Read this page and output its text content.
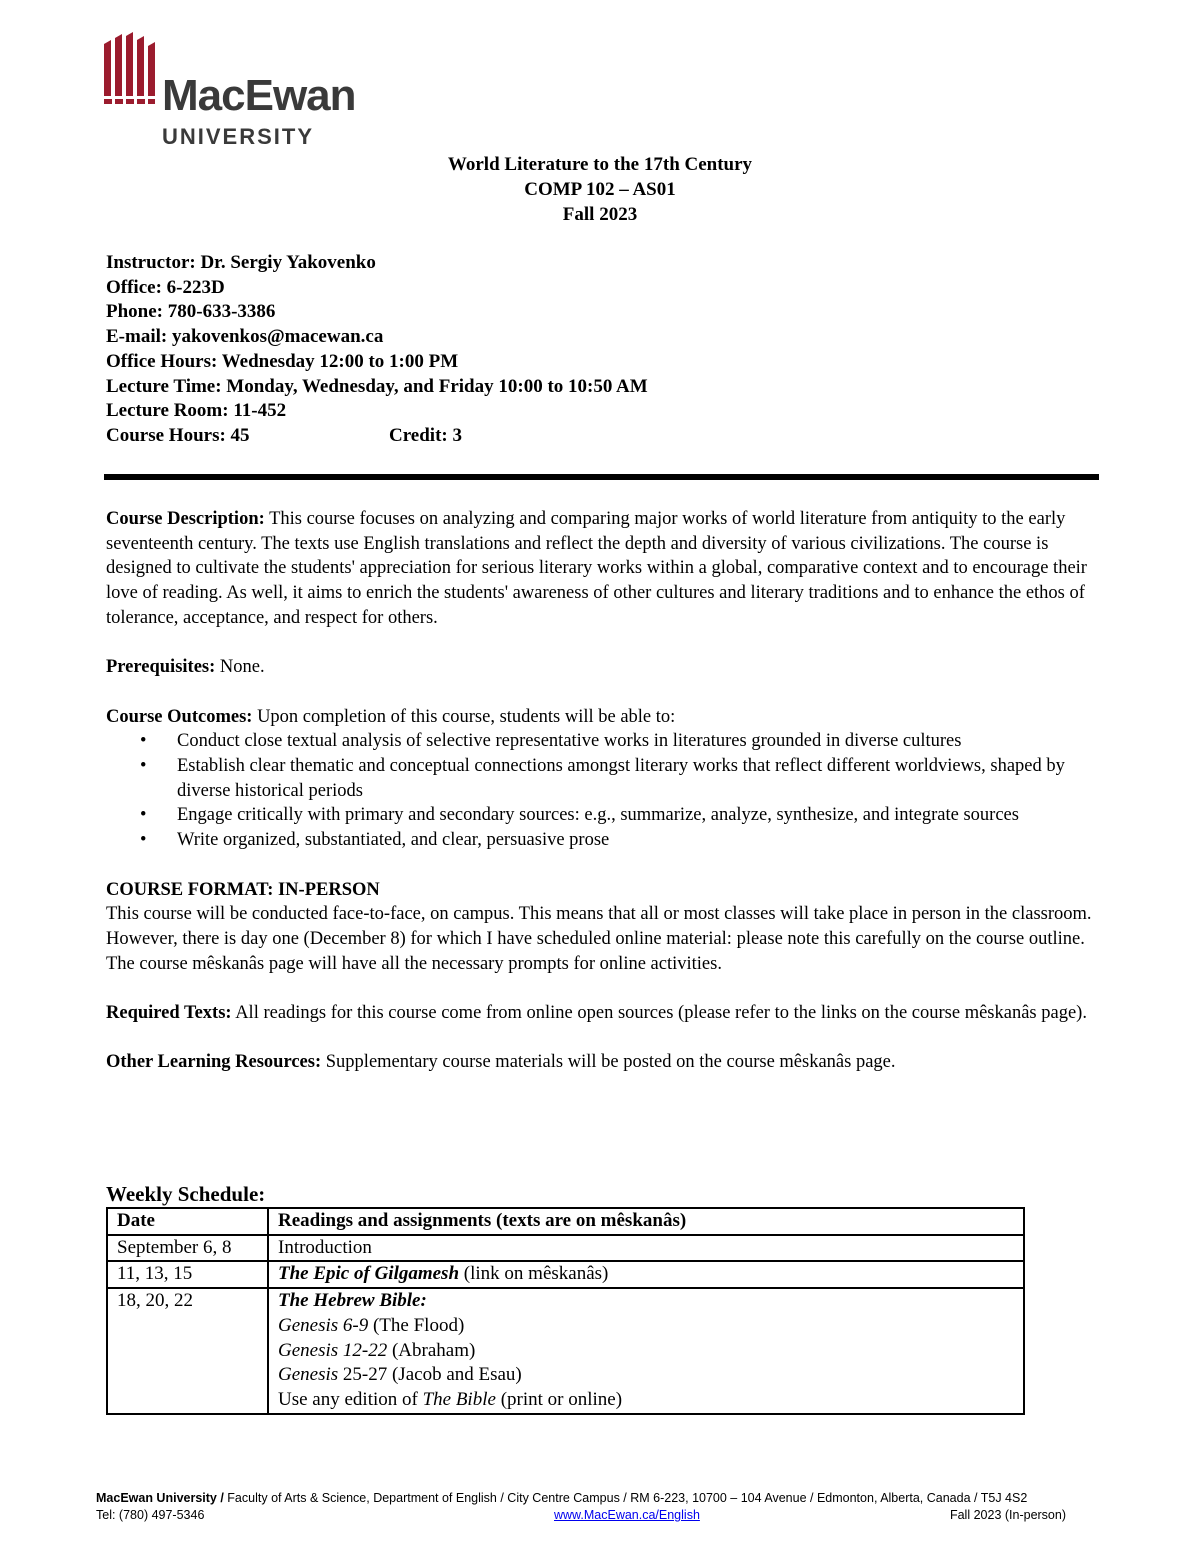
MacEwan
UNIVERSITY
World Literature to the 17th Century
COMP 102 – AS01
Fall 2023
Instructor: Dr. Sergiy Yakovenko
Office: 6-223D
Phone: 780-633-3386
E-mail: yakovenkos@macewan.ca
Office Hours: Wednesday 12:00 to 1:00 PM
Lecture Time: Monday, Wednesday, and Friday 10:00 to 10:50 AM
Lecture Room: 11-452
Course Hours: 45	Credit: 3

Course Description: This course focuses on analyzing and comparing major works of world literature from antiquity to the early seventeenth century. The texts use English translations and reflect the depth and diversity of various civilizations. The course is designed to cultivate the students' appreciation for serious literary works within a global, comparative context and to encourage their love of reading. As well, it aims to enrich the students' awareness of other cultures and literary traditions and to enhance the ethos of tolerance, acceptance, and respect for others.

Prerequisites: None.

Course Outcomes: Upon completion of this course, students will be able to:
• Conduct close textual analysis of selective representative works in literatures grounded in diverse cultures
• Establish clear thematic and conceptual connections amongst literary works that reflect different worldviews, shaped by diverse historical periods
• Engage critically with primary and secondary sources: e.g., summarize, analyze, synthesize, and integrate sources
• Write organized, substantiated, and clear, persuasive prose
COURSE FORMAT: IN-PERSON
This course will be conducted face-to-face, on campus. This means that all or most classes will take place in person in the classroom. However, there is day one (December 8) for which I have scheduled online material: please note this carefully on the course outline. The course mêskanâs page will have all the necessary prompts for online activities.

Required Texts: All readings for this course come from online open sources (please refer to the links on the course mêskanâs page).

Other Learning Resources: Supplementary course materials will be posted on the course mêskanâs page.

Weekly Schedule:
Date	Readings and assignments (texts are on mêskanâs)
September 6, 8	Introduction
11, 13, 15	The Epic of Gilgamesh (link on mêskanâs)
18, 20, 22	The Hebrew Bible:
Genesis 6-9 (The Flood)
Genesis 12-22 (Abraham)
Genesis 25-27 (Jacob and Esau)
Use any edition of The Bible (print or online)
MacEwan University / Faculty of Arts & Science, Department of English / City Centre Campus / RM 6-223, 10700 – 104 Avenue / Edmonton, Alberta, Canada / T5J 4S2
Tel: (780) 497-5346	www.MacEwan.ca/English	Fall 2023 (In-person)
